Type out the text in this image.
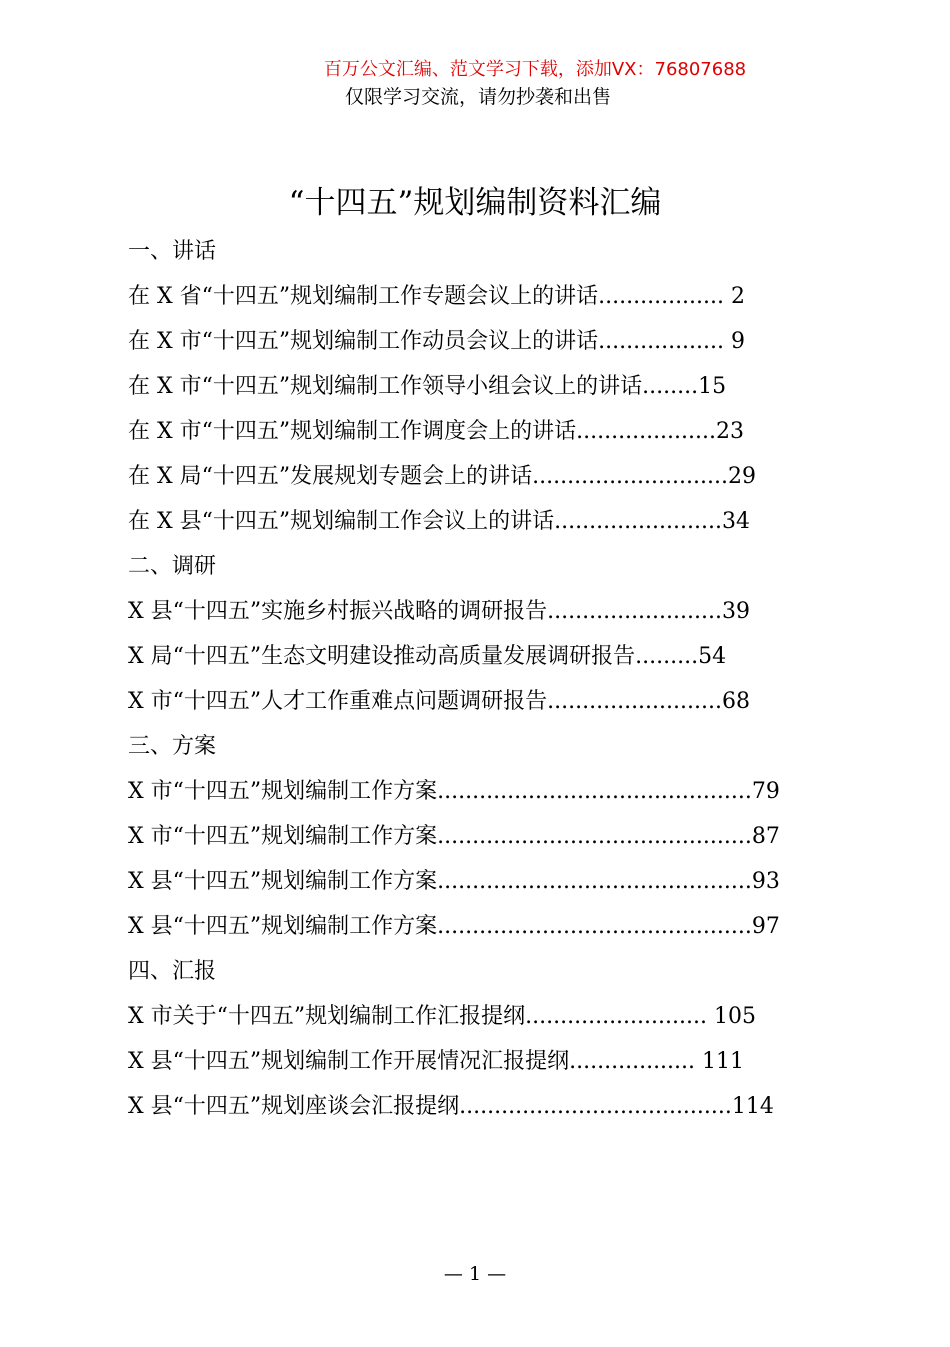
百万公文汇编、范文学习下载，添加VX：76807688
仅限学习交流，请勿抄袭和出售
“十四五”规划编制资料汇编
一、讲话
在 X 省“十四五”规划编制工作专题会议上的讲话.................. 2
在 X 市“十四五”规划编制工作动员会议上的讲话.................. 9
在 X 市“十四五”规划编制工作领导小组会议上的讲话........15
在 X 市“十四五”规划编制工作调度会上的讲话....................23
在 X 局“十四五”发展规划专题会上的讲话............................29
在 X 县“十四五”规划编制工作会议上的讲话........................34
二、调研
X 县“十四五”实施乡村振兴战略的调研报告.........................39
X 局“十四五”生态文明建设推动高质量发展调研报告.........54
X 市“十四五”人才工作重难点问题调研报告.........................68
三、方案
X 市“十四五”规划编制工作方案.............................................79
X 市“十四五”规划编制工作方案.............................................87
X 县“十四五”规划编制工作方案.............................................93
X 县“十四五”规划编制工作方案.............................................97
四、汇报
X 市关于“十四五”规划编制工作汇报提纲.......................... 105
X 县“十四五”规划编制工作开展情况汇报提纲.................. 111
X 县“十四五”规划座谈会汇报提纲.......................................114
— 1 —
